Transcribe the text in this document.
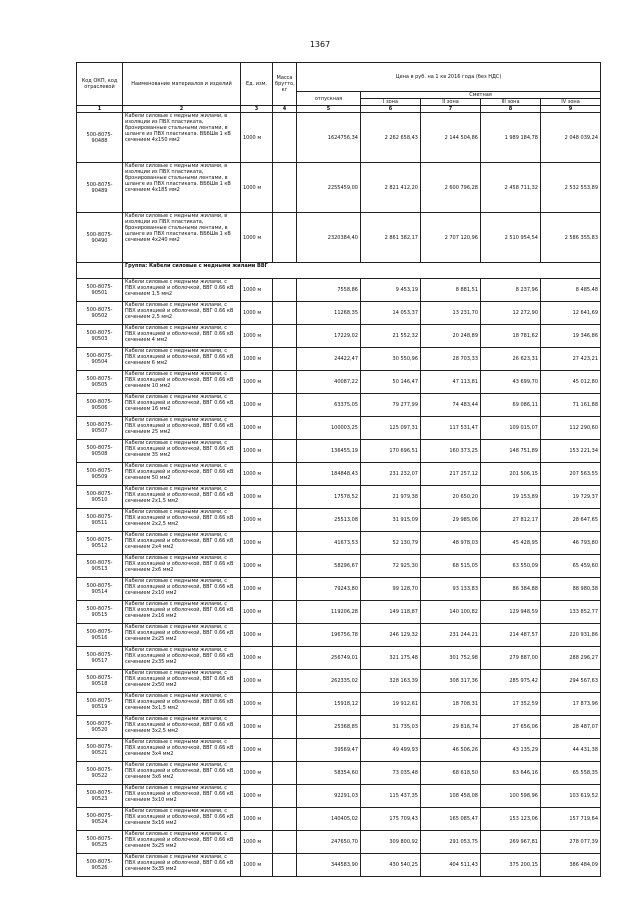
1367
Код ОКП, код отраслевой	Наименование материалов и изделий	Ед. изм.	Масса брутто, кг	Цена в руб. на 1 кв 2016 года (без НДС)				
				отпускная	Сметная			
					I зона	II зона	III зона	IV зона
1	2	3	4	5	6	7	8	9
500-8075-90488	Кабели силовые с медными жилами, в изоляции из ПВХ пластиката, бронированные стальными лентами, в шланге из ПВХ пластиката. ВБбШв 1 кВ сечением 4х150 мм2	1000 м		1624756,34	2 262 658,43	2 144 504,86	1 989 184,78	2 048 039,24
500-8075-90489	Кабели силовые с медными жилами, в изоляции из ПВХ пластиката, бронированные стальными лентами, в шланге из ПВХ пластиката. ВБбШв 1 кВ сечением 4х185 мм2	1000 м		2255459,00	2 821 412,20	2 600 796,28	2 458 711,32	2 532 553,89
500-8075-90490	Кабели силовые с медными жилами, в изоляции из ПВХ пластиката, бронированные стальными лентами, в шланге из ПВХ пластиката. ВБбШв 1 кВ сечением 4х240 мм2	1000 м		2320384,40	2 861 382,17	2 707 120,96	2 510 954,54	2 586 355,83
	Группа: Кабели силовые с медными жилами ВВГ							
500-8075-90501	Кабели силовые с медными жилами, с ПВХ изоляцией и оболочкой, ВВГ 0.66 кВ сечением 1,5 мм2	1000 м		7558,86	9 453,19	8 881,51	8 237,96	8 485,48
500-8075-90502	Кабели силовые с медными жилами, с ПВХ изоляцией и оболочкой, ВВГ 0.66 кВ сечением 2,5 мм2	1000 м		11268,35	14 053,37	13 231,70	12 272,90	12 641,69
500-8075-90503	Кабели силовые с медными жилами, с ПВХ изоляцией и оболочкой, ВВГ 0.66 кВ сечением 4 мм2	1000 м		17229,02	21 552,32	20 248,89	18 781,62	19 346,86
500-8075-90504	Кабели силовые с медными жилами, с ПВХ изоляцией и оболочкой, ВВГ 0.66 кВ сечением 6 мм2	1000 м		24422,47	30 550,96	28 703,33	26 623,31	27 423,21
500-8075-90505	Кабели силовые с медными жилами, с ПВХ изоляцией и оболочкой, ВВГ 0.66 кВ сечением 10 мм2	1000 м		40087,22	50 146,47	47 113,81	43 699,70	45 012,80
500-8075-90506	Кабели силовые с медными жилами, с ПВХ изоляцией и оболочкой, ВВГ 0.66 кВ сечением 16 мм2	1000 м		63375,05	79 277,99	74 483,44	69 086,11	71 161,88
500-8075-90507	Кабели силовые с медными жилами, с ПВХ изоляцией и оболочкой, ВВГ 0.66 кВ сечением 25 мм2	1000 м		100003,25	125 097,31	117 531,47	109 015,07	112 290,60
500-8075-90508	Кабели силовые с медными жилами, с ПВХ изоляцией и оболочкой, ВВГ 0.66 кВ сечением 35 мм2	1000 м		136455,19	170 696,51	160 373,25	148 751,89	153 221,34
500-8075-90509	Кабели силовые с медными жилами, с ПВХ изоляцией и оболочкой, ВВГ 0.66 кВ сечением 50 мм2	1000 м		184848,43	231 232,07	217 257,12	201 506,15	207 563,55
500-8075-90510	Кабели силовые с медными жилами, с ПВХ изоляцией и оболочкой, ВВГ 0.66 кВ сечением 2х1,5 мм2	1000 м		17578,52	21 979,38	20 650,20	19 153,89	19 729,37
500-8075-90511	Кабели силовые с медными жилами, с ПВХ изоляцией и оболочкой, ВВГ 0.66 кВ сечением 2х2,5 мм2	1000 м		25513,08	31 915,09	29 985,06	27 812,17	28 647,65
500-8075-90512	Кабели силовые с медными жилами, с ПВХ изоляцией и оболочкой, ВВГ 0.66 кВ сечением 2х4 мм2	1000 м		41673,53	52 130,79	48 978,03	45 428,95	46 793,80
500-8075-90513	Кабели силовые с медными жилами, с ПВХ изоляцией и оболочкой, ВВГ 0.66 кВ сечением 2х6 мм2	1000 м		58296,67	72 925,30	68 515,05	63 550,09	65 459,60
500-8075-90514	Кабели силовые с медными жилами, с ПВХ изоляцией и оболочкой, ВВГ 0.66 кВ сечением 2х10 мм2	1000 м		79243,80	99 128,70	93 133,83	86 384,88	88 980,38
500-8075-90515	Кабели силовые с медными жилами, с ПВХ изоляцией и оболочкой, ВВГ 0.66 кВ сечением 2х16 мм2	1000 м		119206,28	149 118,87	140 100,82	129 948,59	133 852,77
500-8075-90516	Кабели силовые с медными жилами, с ПВХ изоляцией и оболочкой, ВВГ 0.66 кВ сечением 2х25 мм2	1000 м		196756,78	246 129,32	231 244,21	214 487,57	220 931,86
500-8075-90517	Кабели силовые с медными жилами, с ПВХ изоляцией и оболочкой, ВВГ 0.66 кВ сечением 2х35 мм2	1000 м		256749,01	321 175,48	301 752,98	279 887,00	288 296,27
500-8075-90518	Кабели силовые с медными жилами, с ПВХ изоляцией и оболочкой, ВВГ 0.66 кВ сечением 2х50 мм2	1000 м		262335,02	328 163,39	308 317,36	285 975,42	294 567,63
500-8075-90519	Кабели силовые с медными жилами, с ПВХ изоляцией и оболочкой, ВВГ 0.66 кВ сечением 3х1,5 мм2	1000 м		15918,12	19 912,61	18 708,31	17 352,59	17 873,96
500-8075-90520	Кабели силовые с медными жилами, с ПВХ изоляцией и оболочкой, ВВГ 0.66 кВ сечением 3х2,5 мм2	1000 м		25368,85	31 735,03	29 816,74	27 656,06	28 487,07
500-8075-90521	Кабели силовые с медными жилами, с ПВХ изоляцией и оболочкой, ВВГ 0.66 кВ сечением 3х4 мм2	1000 м		39569,47	49 499,93	46 506,26	43 135,29	44 431,38
500-8075-90522	Кабели силовые с медными жилами, с ПВХ изоляцией и оболочкой, ВВГ 0.66 кВ сечением 3х6 мм2	1000 м		58354,60	73 035,48	68 618,50	63 646,16	65 558,35
500-8075-90523	Кабели силовые с медными жилами, с ПВХ изоляцией и оболочкой, ВВГ 0.66 кВ сечением 3х10 мм2	1000 м		92291,03	115 437,35	108 458,08	100 598,96	103 619,52
500-8075-90524	Кабели силовые с медными жилами, с ПВХ изоляцией и оболочкой, ВВГ 0.66 кВ сечением 3х16 мм2	1000 м		140405,02	175 709,43	165 085,47	153 123,06	157 719,64
500-8075-90525	Кабели силовые с медными жилами, с ПВХ изоляцией и оболочкой, ВВГ 0.66 кВ сечением 3х25 мм2	1000 м		247650,70	309 800,92	291 053,75	269 967,81	278 077,39
500-8075-90526	Кабели силовые с медными жилами, с ПВХ изоляцией и оболочкой, ВВГ 0.66 кВ сечением 3х35 мм2	1000 м		344583,90	430 540,25	404 511,43	375 200,15	386 484,09
